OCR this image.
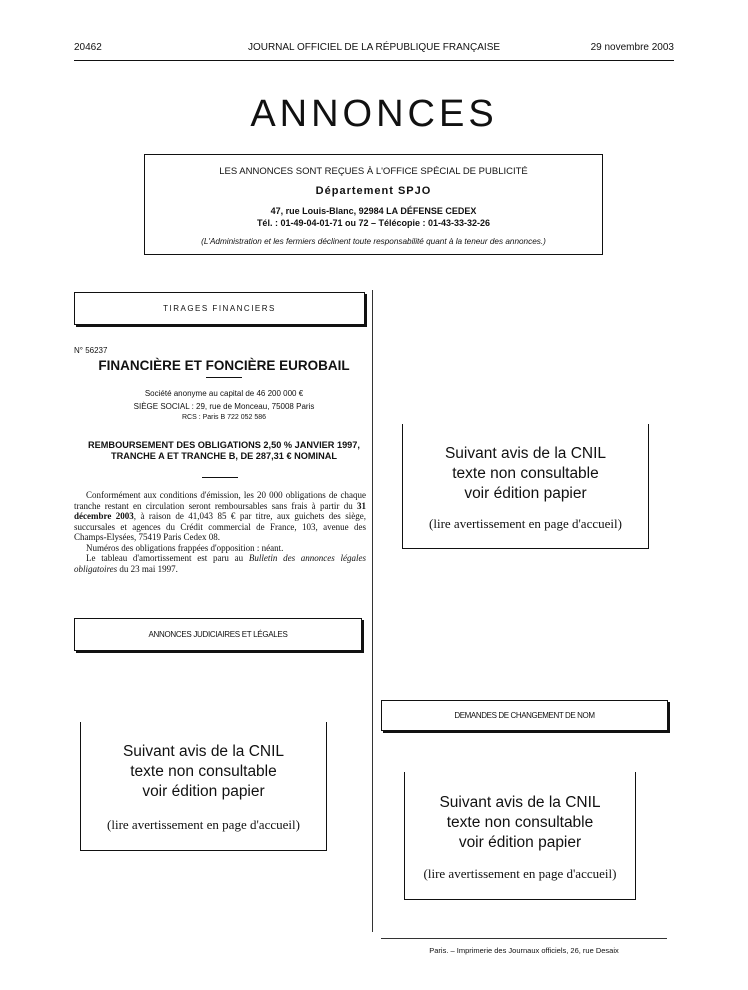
20462	JOURNAL OFFICIEL DE LA RÉPUBLIQUE FRANÇAISE	29 novembre 2003
ANNONCES
LES ANNONCES SONT REÇUES À L'OFFICE SPÉCIAL DE PUBLICITÉ
Département SPJO
47, rue Louis-Blanc, 92984 LA DÉFENSE CEDEX
Tél. : 01-49-04-01-71 ou 72 – Télécopie : 01-43-33-32-26
(L'Administration et les fermiers déclinent toute responsabilité quant à la teneur des annonces.)
TIRAGES FINANCIERS
N° 56237
FINANCIÈRE ET FONCIÈRE EUROBAIL
Société anonyme au capital de 46 200 000 €
SIÈGE SOCIAL : 29, rue de Monceau, 75008 Paris
RCS : Paris B 722 052 586
REMBOURSEMENT DES OBLIGATIONS 2,50 % JANVIER 1997, TRANCHE A ET TRANCHE B, DE 287,31 € NOMINAL

Conformément aux conditions d'émission, les 20 000 obligations de chaque tranche restant en circulation seront remboursables sans frais à partir du 31 décembre 2003, à raison de 41,043 85 € par titre, aux guichets des siège, succursales et agences du Crédit commercial de France, 103, avenue des Champs-Elysées, 75419 Paris Cedex 08.

Numéros des obligations frappées d'opposition : néant.

Le tableau d'amortissement est paru au Bulletin des annonces légales obligatoires du 23 mai 1997.

ANNONCES JUDICIAIRES ET LÉGALES
Suivant avis de la CNIL
texte non consultable
voir édition papier
(lire avertissement en page d'accueil)
Suivant avis de la CNIL
texte non consultable
voir édition papier
(lire avertissement en page d'accueil)
DEMANDES DE CHANGEMENT DE NOM
Suivant avis de la CNIL
texte non consultable
voir édition papier
(lire avertissement en page d'accueil)
Paris. – Imprimerie des Journaux officiels, 26, rue Desaix
